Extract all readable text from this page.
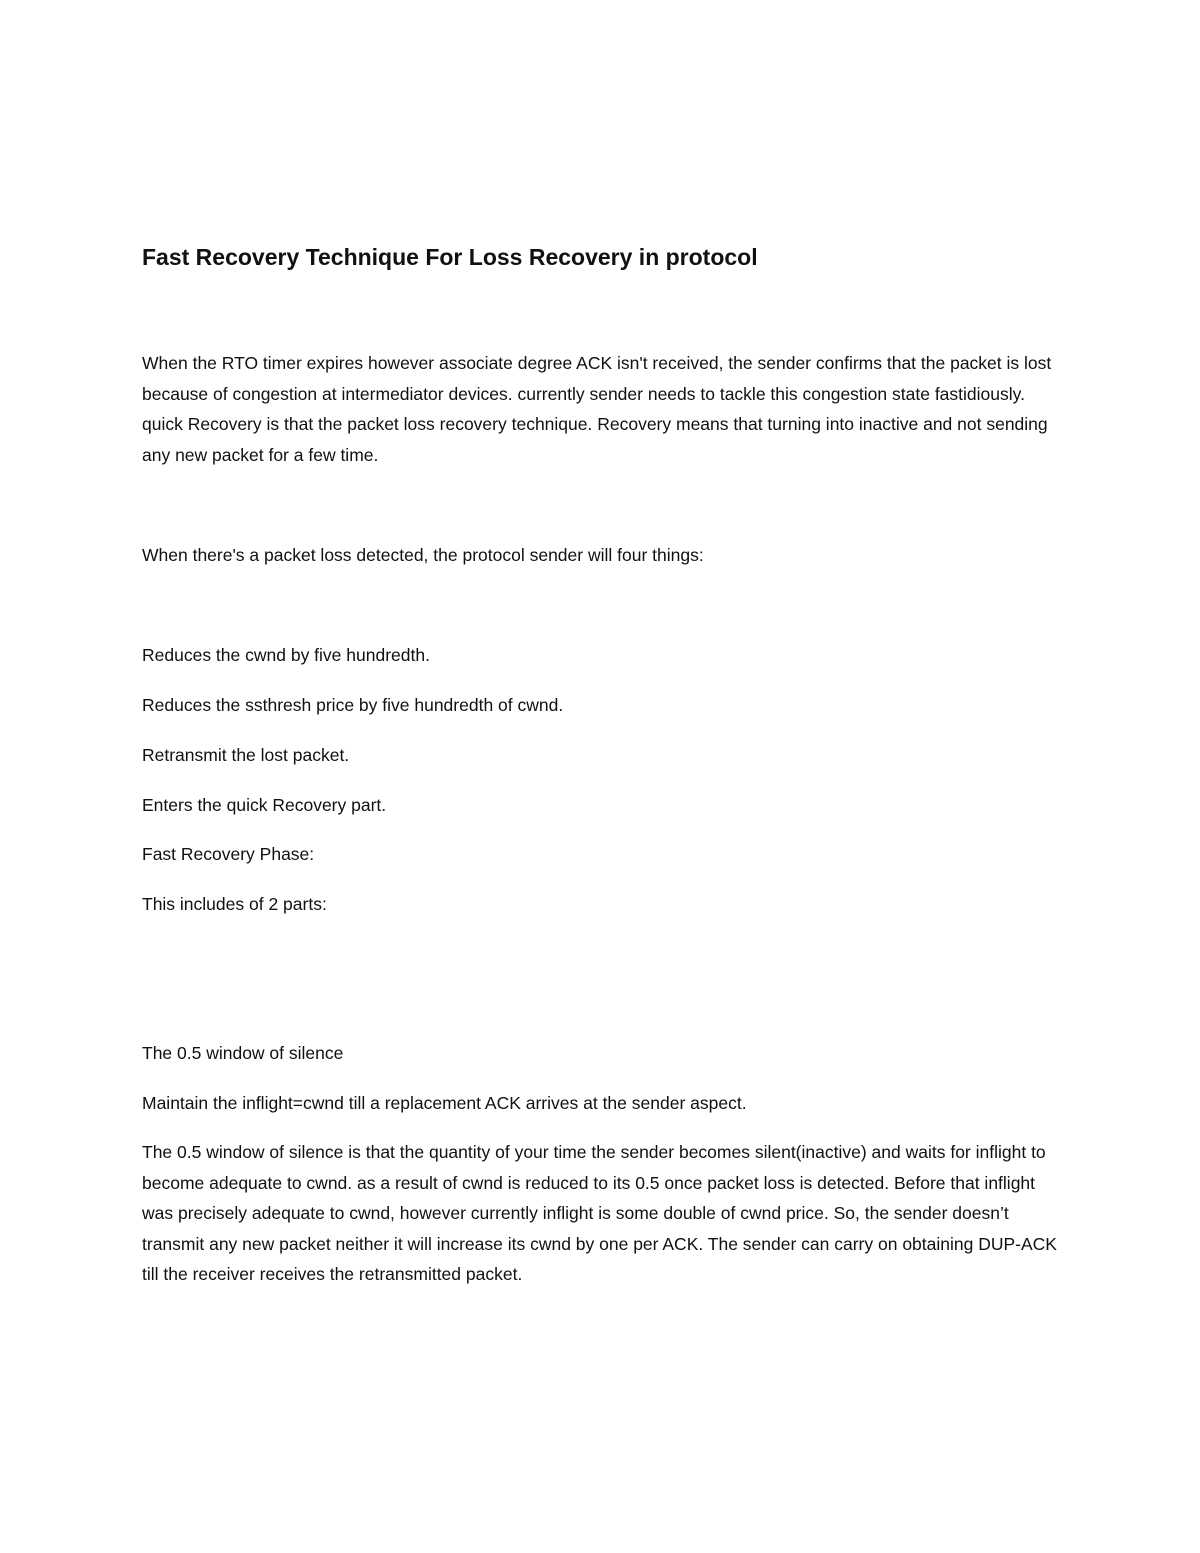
Fast Recovery Technique For Loss Recovery in protocol

When the RTO timer expires however associate degree ACK isn't received, the sender confirms that the packet is lost because of congestion at intermediator devices. currently sender needs to tackle this congestion state fastidiously. quick Recovery is that the packet loss recovery technique. Recovery means that turning into inactive and not sending any new packet for a few time.

When there's a packet loss detected, the protocol sender will four things:

Reduces the cwnd by five hundredth.

Reduces the ssthresh price by five hundredth of cwnd.

Retransmit the lost packet.

Enters the quick Recovery part.

Fast Recovery Phase:

This includes of 2 parts:

The 0.5 window of silence

Maintain the inflight=cwnd till a replacement ACK arrives at the sender aspect.

The 0.5 window of silence is that the quantity of your time the sender becomes silent(inactive) and waits for inflight to become adequate to cwnd. as a result of cwnd is reduced to its 0.5 once packet loss is detected. Before that inflight was precisely adequate to cwnd, however currently inflight is some double of cwnd price. So, the sender doesn’t transmit any new packet neither it will increase its cwnd by one per ACK. The sender can carry on obtaining DUP-ACK till the receiver receives the retransmitted packet.
